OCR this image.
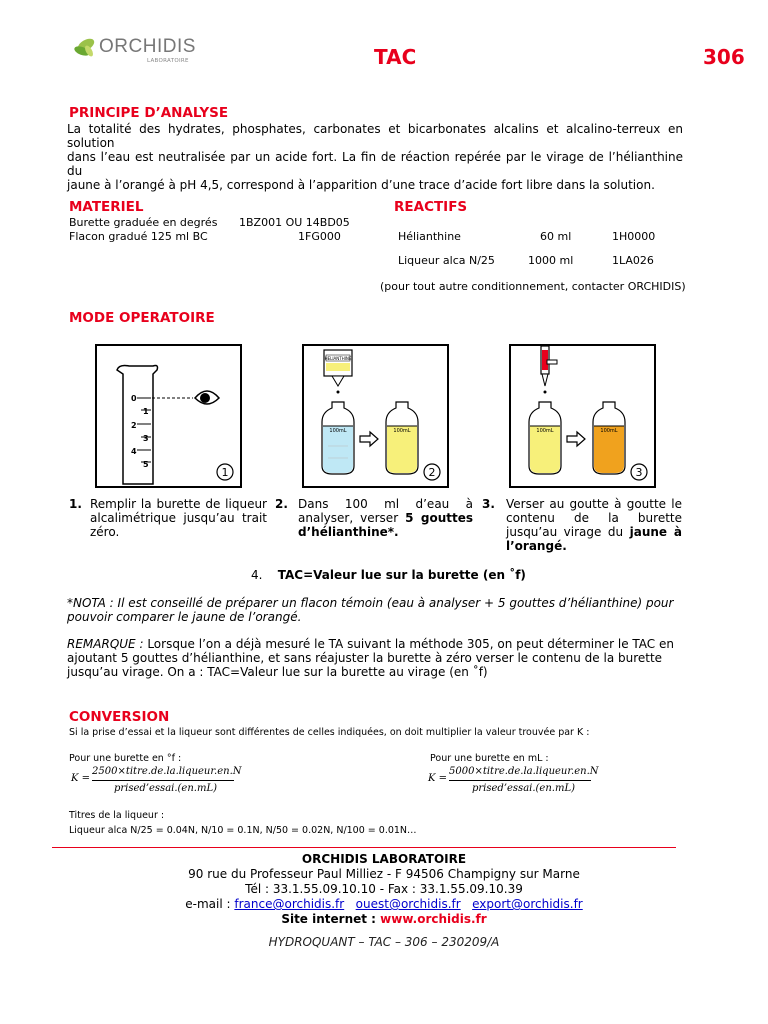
ORCHIDIS
LABORATOIRE	TAC	306
PRINCIPE D’ANALYSE
La totalité des hydrates, phosphates, carbonates et bicarbonates alcalins et alcalino-terreux en solution
dans l’eau est neutralisée par un acide fort. La fin de réaction repérée par le virage de l’hélianthine du
jaune à l’orangé à pH 4,5, correspond à l’apparition d’une trace d’acide fort libre dans la solution.
MATERIEL
Burette graduée en degrés 1BZ001 OU 14BD05
Flacon gradué 125 ml BC	1FG000
REACTIFS
Hélianthine	60 ml	1H0000
Liqueur alca N/25	1000 ml	1LA026
(pour tout autre conditionnement, contacter ORCHIDIS)
MODE OPERATOIRE
0
1
2
3
4
5
1
HELIANTHINE
100mL	100mL
2
100mL	100mL
3
1. Remplir la burette de liqueur alcalimétrique jusqu’au trait zéro.
2. Dans 100 ml d’eau à analyser, verser 5 gouttes d’hélianthine*.
3. Verser au goutte à goutte le contenu de la burette jusqu’au virage du jaune à l’orangé.
4. TAC=Valeur lue sur la burette (en ˚f)
*NOTA : Il est conseillé de préparer un flacon témoin (eau à analyser + 5 gouttes d’hélianthine) pour
pouvoir comparer le jaune de l’orangé.
REMARQUE : Lorsque l’on a déjà mesuré le TA suivant la méthode 305, on peut déterminer le TAC en
ajoutant 5 gouttes d’hélianthine, et sans réajuster la burette à zéro verser le contenu de la burette
jusqu’au virage. On a : TAC=Valeur lue sur la burette au virage (en ˚f)
CONVERSION
Si la prise d’essai et la liqueur sont différentes de celles indiquées, on doit multiplier la valeur trouvée par K :
Pour une burette en °f :
K =
2500×titre.de.la.liqueur.en.N
prised’essai.(en.mL)
Pour une burette en mL :
K =
5000×titre.de.la.liqueur.en.N
prised’essai.(en.mL)
Titres de la liqueur :
Liqueur alca N/25 = 0.04N, N/10 = 0.1N, N/50 = 0.02N, N/100 = 0.01N…
ORCHIDIS LABORATOIRE
90 rue du Professeur Paul Milliez - F 94506 Champigny sur Marne
Tél : 33.1.55.09.10.10 - Fax : 33.1.55.09.10.39
e-mail : france@orchidis.fr ouest@orchidis.fr export@orchidis.fr
Site internet : www.orchidis.fr
HYDROQUANT – TAC – 306 – 230209/A
